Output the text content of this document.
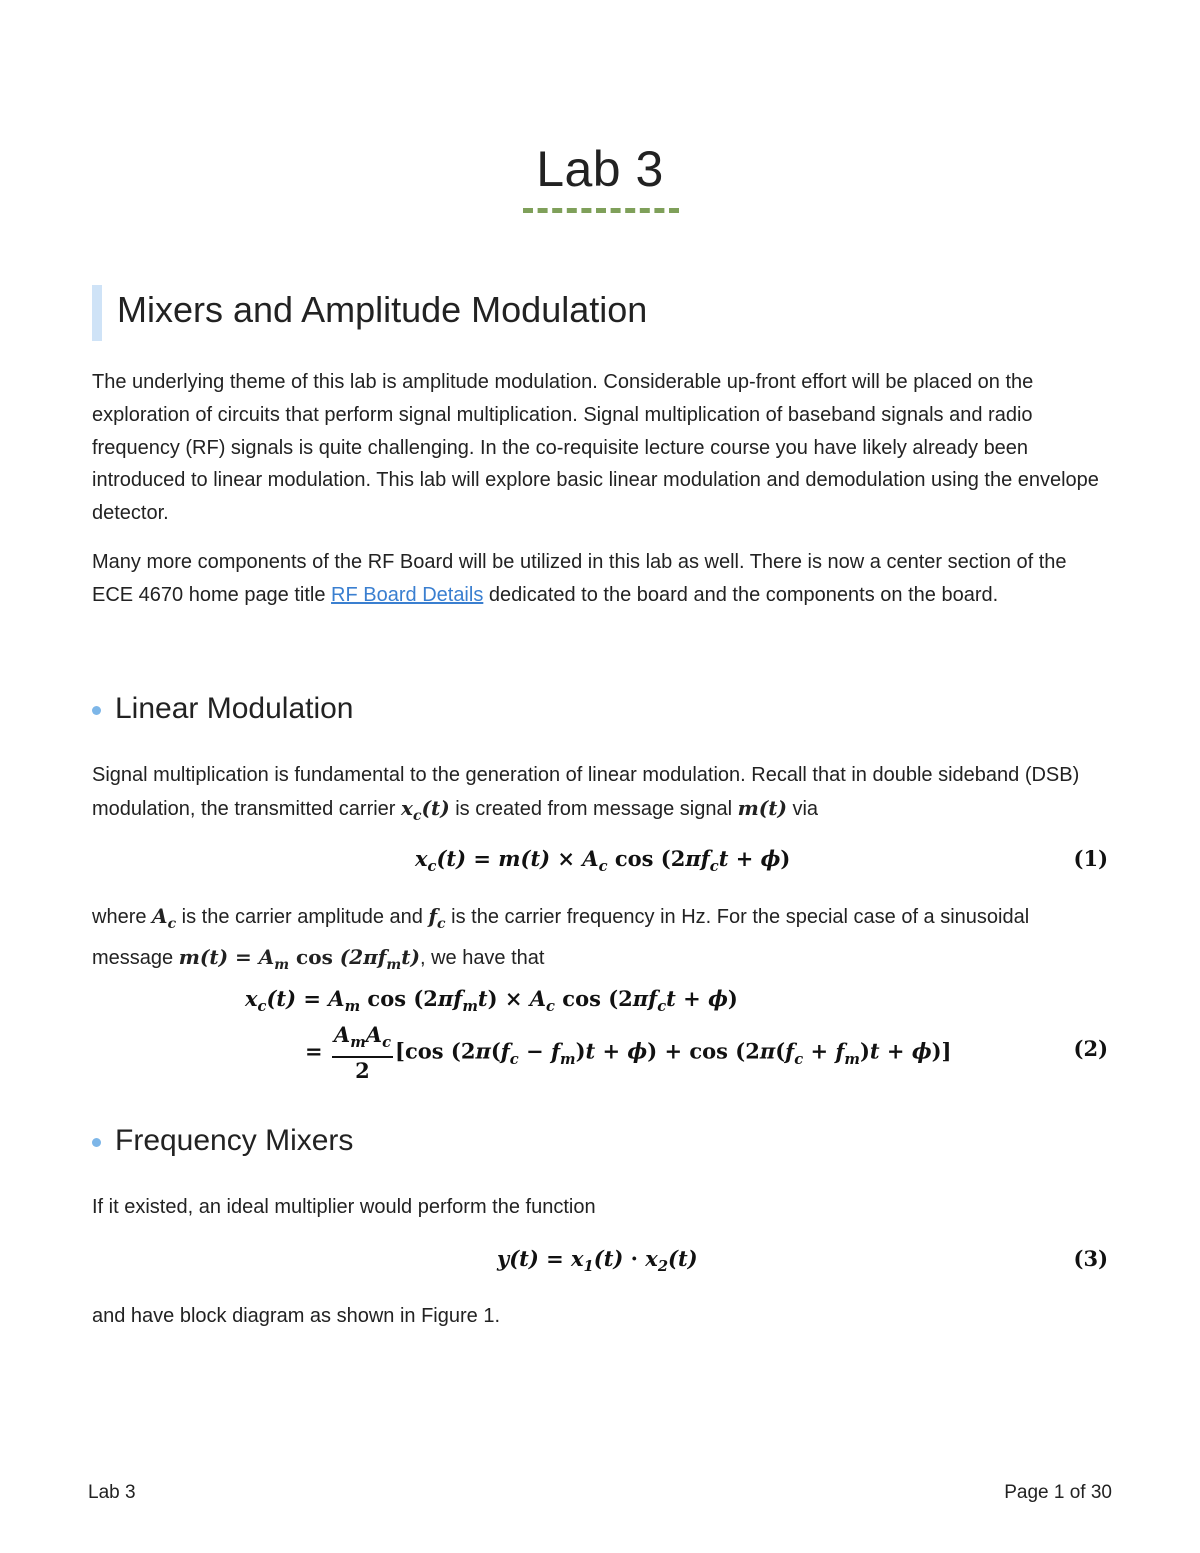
Lab 3
Mixers and Amplitude Modulation
The underlying theme of this lab is amplitude modulation. Considerable up-front effort will be placed on the exploration of circuits that perform signal multiplication. Signal multiplication of baseband signals and radio frequency (RF) signals is quite challenging. In the co-requisite lecture course you have likely already been introduced to linear modulation. This lab will explore basic linear modulation and demodulation using the envelope detector.
Many more components of the RF Board will be utilized in this lab as well. There is now a center section of the ECE 4670 home page title RF Board Details dedicated to the board and the components on the board.
Linear Modulation
Signal multiplication is fundamental to the generation of linear modulation. Recall that in double sideband (DSB) modulation, the transmitted carrier $x_c(t)$ is created from message signal m(t) via
$x_c(t) = m(t) \times A_c$ $\cos (2\pi f_ct + \phi)$	(1)
where $A_c$ is the carrier amplitude and $f_c$ is the carrier frequency in Hz. For the special case of a sinusoidal message $m(t) = A_m$ $\cos (2\pi f_mt)$, we have that
$x_c(t) = A_m$ $\cos (2\pi f_mt) \times A_c$ $\cos (2\pi f_ct + \phi)$
= $\frac{A_mA_c}{2} [\cos$ $(2\pi(f_c - f_m)t + \phi) + \cos (2\pi(f_c + f_m)t + \phi)$]	(2)
Frequency Mixers
If it existed, an ideal multiplier would perform the function
$y(t) = x_1(t) \cdot x_2(t)$	(3)
and have block diagram as shown in Figure 1.
Lab 3	Page 1 of 30
